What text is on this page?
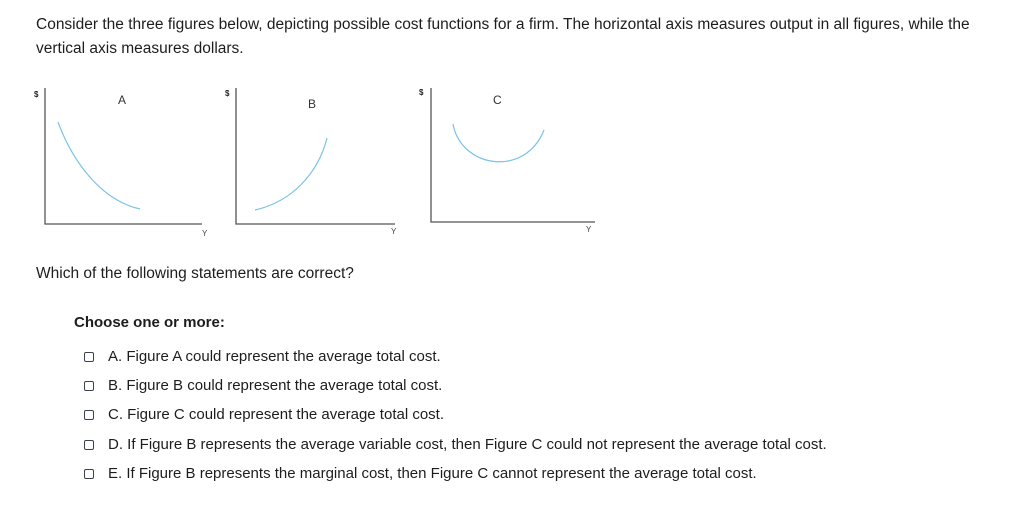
Consider the three figures below, depicting possible cost functions for a firm. The horizontal axis measures output in all figures, while the vertical axis measures dollars.

$	A
Y
$
B
Y
$
C
Y

Which of the following statements are correct?

Choose one or more:
A. Figure A could represent the average total cost.
B. Figure B could represent the average total cost.
C. Figure C could represent the average total cost.
D. If Figure B represents the average variable cost, then Figure C could not represent the average total cost.
E. If Figure B represents the marginal cost, then Figure C cannot represent the average total cost.
